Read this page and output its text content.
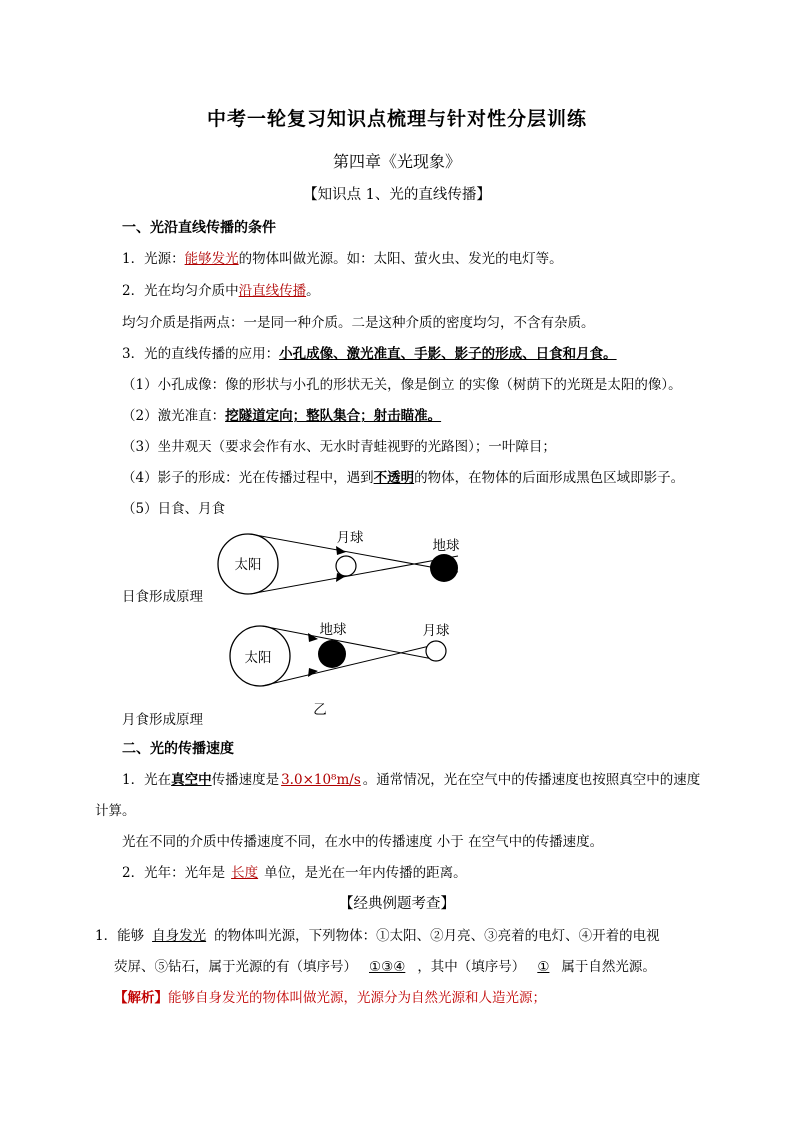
中考一轮复习知识点梳理与针对性分层训练
第四章《光现象》
【知识点 1、光的直线传播】
一、光沿直线传播的条件
1．光源：能够发光的物体叫做光源。如：太阳、萤火虫、发光的电灯等。
2．光在均匀介质中沿直线传播。
均匀介质是指两点：一是同一种介质。二是这种介质的密度均匀，不含有杂质。
3．光的直线传播的应用：小孔成像、激光准直、手影、影子的形成、日食和月食。
（1）小孔成像：像的形状与小孔的形状无关，像是倒立 的实像（树荫下的光斑是太阳的像）。
（2）激光准直：挖隧道定向；整队集合；射击瞄准。
（3）坐井观天（要求会作有水、无水时青蛙视野的光路图）；一叶障目；
（4）影子的形成：光在传播过程中，遇到不透明的物体，在物体的后面形成黑色区域即影子。
（5）日食、月食
太阳
月球	地球
太阳
地球	月球
乙
日食形成原理
月食形成原理
二、光的传播速度
1．光在真空中传播速度是 3.0×10⁸m/s 。通常情况，光在空气中的传播速度也按照真空中的速度
计算。
光在不同的介质中传播速度不同，在水中的传播速度 小于 在空气中的传播速度。
2．光年：光年是 长度 单位，是光在一年内传播的距离。
【经典例题考查】
1．能够 自身发光 的物体叫光源，下列物体：①太阳、②月亮、③亮着的电灯、④开着的电视
荧屏、⑤钻石，属于光源的有（填序号） ①③④ ，其中（填序号） ① 属于自然光源。
【解析】能够自身发光的物体叫做光源，光源分为自然光源和人造光源；
